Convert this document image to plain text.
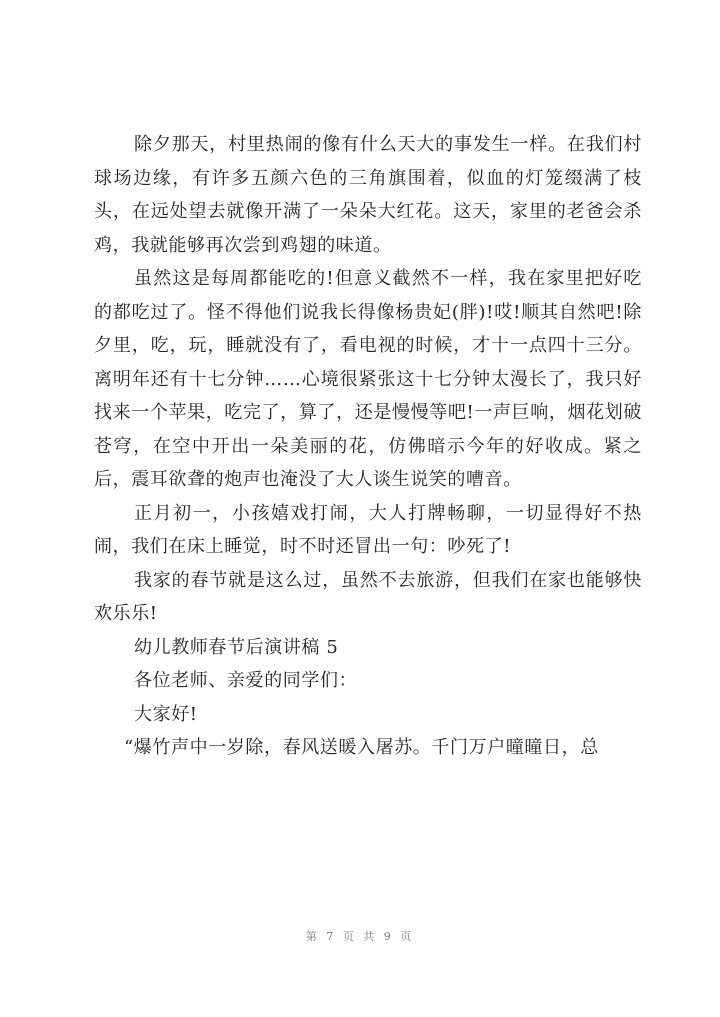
除夕那天，村里热闹的像有什么天大的事发生一样。在我们村球场边缘，有许多五颜六色的三角旗围着，似血的灯笼缀满了枝头，在远处望去就像开满了一朵朵大红花。这天，家里的老爸会杀鸡，我就能够再次尝到鸡翅的味道。

虽然这是每周都能吃的!但意义截然不一样，我在家里把好吃的都吃过了。怪不得他们说我长得像杨贵妃(胖)!哎!顺其自然吧!除夕里，吃，玩，睡就没有了，看电视的时候，才十一点四十三分。离明年还有十七分钟……心境很紧张这十七分钟太漫长了，我只好找来一个苹果，吃完了，算了，还是慢慢等吧!一声巨响，烟花划破苍穹，在空中开出一朵美丽的花，仿佛暗示今年的好收成。紧之后，震耳欲聋的炮声也淹没了大人谈生说笑的嘈音。

正月初一，小孩嬉戏打闹，大人打牌畅聊，一切显得好不热闹，我们在床上睡觉，时不时还冒出一句：吵死了!

我家的春节就是这么过，虽然不去旅游，但我们在家也能够快欢乐乐!

幼儿教师春节后演讲稿 5

各位老师、亲爱的同学们：

大家好!

“爆竹声中一岁除，春风送暖入屠苏。千门万户曈曈日，总

第 7 页 共 9 页
